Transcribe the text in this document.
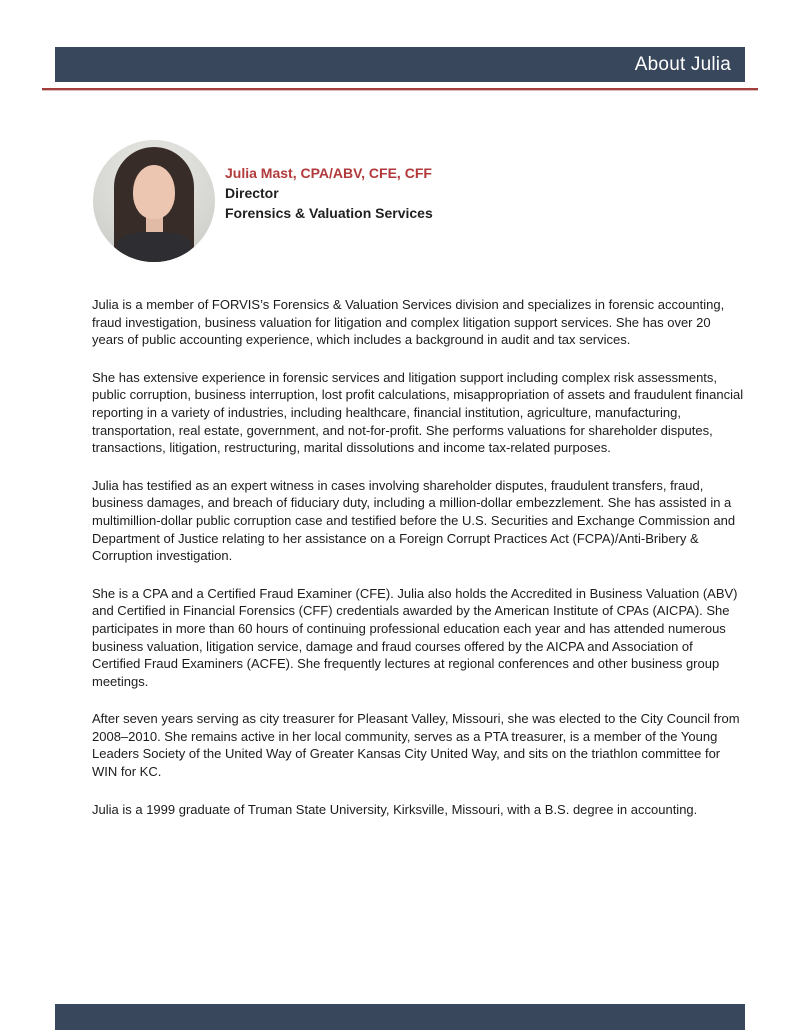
About Julia
Julia Mast, CPA/ABV, CFE, CFF
Director
Forensics & Valuation Services

Julia is a member of FORVIS’s Forensics & Valuation Services division and specializes in forensic accounting, fraud investigation, business valuation for litigation and complex litigation support services. She has over 20 years of public accounting experience, which includes a background in audit and tax services.

She has extensive experience in forensic services and litigation support including complex risk assessments, public corruption, business interruption, lost profit calculations, misappropriation of assets and fraudulent financial reporting in a variety of industries, including healthcare, financial institution, agriculture, manufacturing, transportation, real estate, government, and not-for-profit. She performs valuations for shareholder disputes, transactions, litigation, restructuring, marital dissolutions and income tax-related purposes.

Julia has testified as an expert witness in cases involving shareholder disputes, fraudulent transfers, fraud, business damages, and breach of fiduciary duty, including a million-dollar embezzlement. She has assisted in a multimillion-dollar public corruption case and testified before the U.S. Securities and Exchange Commission and Department of Justice relating to her assistance on a Foreign Corrupt Practices Act (FCPA)/Anti-Bribery & Corruption investigation.

She is a CPA and a Certified Fraud Examiner (CFE). Julia also holds the Accredited in Business Valuation (ABV) and Certified in Financial Forensics (CFF) credentials awarded by the American Institute of CPAs (AICPA). She participates in more than 60 hours of continuing professional education each year and has attended numerous business valuation, litigation service, damage and fraud courses offered by the AICPA and Association of Certified Fraud Examiners (ACFE). She frequently lectures at regional conferences and other business group meetings.

After seven years serving as city treasurer for Pleasant Valley, Missouri, she was elected to the City Council from 2008–2010. She remains active in her local community, serves as a PTA treasurer, is a member of the Young Leaders Society of the United Way of Greater Kansas City United Way, and sits on the triathlon committee for WIN for KC.

Julia is a 1999 graduate of Truman State University, Kirksville, Missouri, with a B.S. degree in accounting.
